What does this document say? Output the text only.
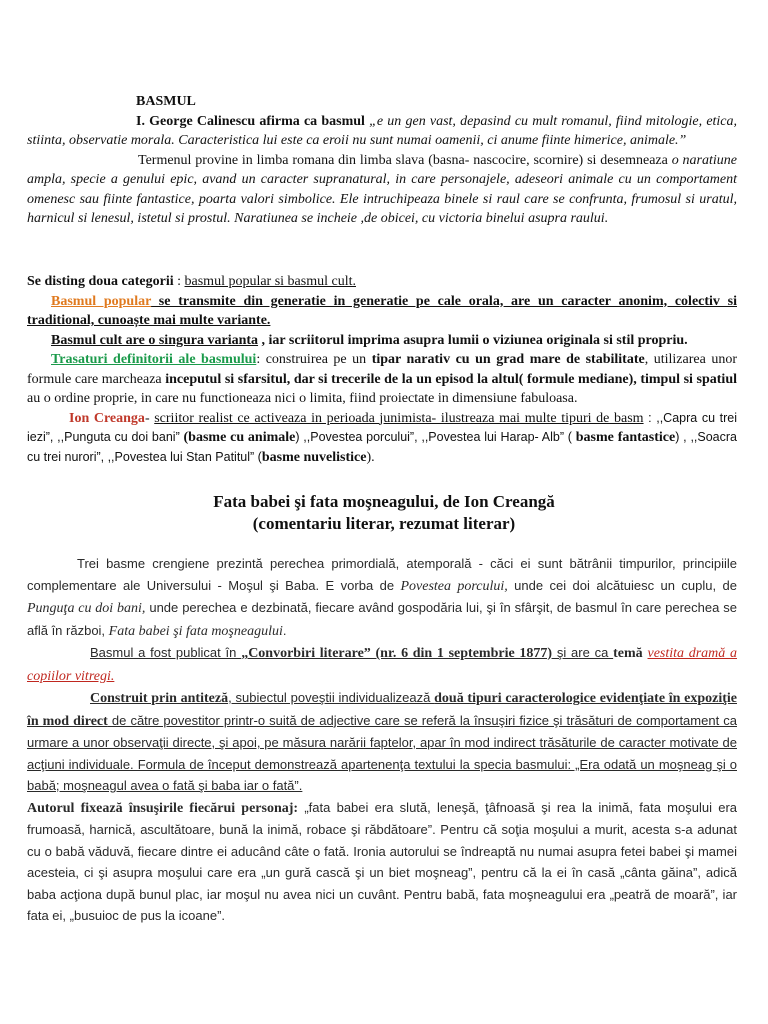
BASMUL

I. George Calinescu afirma ca basmul „e un gen vast, depasind cu mult romanul, fiind mitologie, etica, stiinta, observatie morala. Caracteristica lui este ca eroii nu sunt numai oamenii, ci anume fiinte himerice, animale.”

Termenul provine in limba romana din limba slava (basna- nascocire, scornire) si desemneaza o naratiune ampla, specie a genului epic, avand un caracter supranatural, in care personajele, adeseori animale cu un comportament omenesc sau fiinte fantastice, poarta valori simbolice. Ele intruchipeaza binele si raul care se confrunta, frumosul si uratul, harnicul si lenesul, istetul si prostul. Naratiunea se incheie ,de obicei, cu victoria binelui asupra raului.

Se disting doua categorii : basmul popular si basmul cult.

Basmul popular se transmite din generatie in generatie pe cale orala, are un caracter anonim, colectiv si traditional, cunoaște mai multe variante.

Basmul cult are o singura varianta , iar scriitorul imprima asupra lumii o viziunea originala si stil propriu.

Trasaturi definitorii ale basmului: construirea pe un tipar narativ cu un grad mare de stabilitate, utilizarea unor formule care marcheaza inceputul si sfarsitul, dar si trecerile de la un episod la altul( formule mediane), timpul si spatiul au o ordine proprie, in care nu functioneaza nici o limita, fiind proiectate in dimensiune fabuloasa.

Ion Creanga- scriitor realist ce activeaza in perioada junimista- ilustreaza mai multe tipuri de basm : ,,Capra cu trei iezi”, ,,Punguta cu doi bani” (basme cu animale) ,,Povestea porcului”, ,,Povestea lui Harap- Alb” ( basme fantastice) , ,,Soacra cu trei nurori”, ,,Povestea lui Stan Patitul” (basme nuvelistice).

Fata babei şi fata moşneagului, de Ion Creangă
(comentariu literar, rezumat literar)

Trei basme crengiene prezintă perechea primordială, atemporală - căci ei sunt bătrânii timpurilor, principiile complementare ale Universului - Moşul şi Baba. E vorba de Povestea porcului, unde cei doi alcătuiesc un cuplu, de Punguţa cu doi bani, unde perechea e dezbinată, fiecare având gospodăria lui, şi în sfârşit, de basmul în care perechea se află în război, Fata babei şi fata moşneagului.

Basmul a fost publicat în „Convorbiri literare” (nr. 6 din 1 septembrie 1877) şi are ca temă vestita dramă a copiilor vitregi.

Construit prin antiteză, subiectul poveştii individualizează două tipuri caracterologice evidenţiate în expoziţie în mod direct de către povestitor printr-o suită de adjective care se referă la însuşiri fizice şi trăsături de comportament ca urmare a unor observaţii directe, şi apoi, pe măsura narării faptelor, apar în mod indirect trăsăturile de caracter motivate de acţiuni individuale. Formula de început demonstrează apartenenţa textului la specia basmului: „Era odată un moşneag şi o babă; moşneagul avea o fată şi baba iar o fată”.

Autorul fixează însuşirile fiecărui personaj: „fata babei era slută, leneşă, ţâfnoasă şi rea la inimă, fata moşului era frumoasă, harnică, ascultătoare, bună la inimă, robace şi răbdătoare”. Pentru că soţia moşului a murit, acesta s-a adunat cu o babă văduvă, fiecare dintre ei aducând câte o fată. Ironia autorului se îndreaptă nu numai asupra fetei babei şi mamei acesteia, ci şi asupra moşului care era „un gură cască şi un biet moşneag”, pentru că la ei în casă „cânta găina”, adică baba acţiona după bunul plac, iar moşul nu avea nici un cuvânt. Pentru babă, fata moşneagului era „peatră de moară”, iar fata ei, „busuioc de pus la icoane”.
